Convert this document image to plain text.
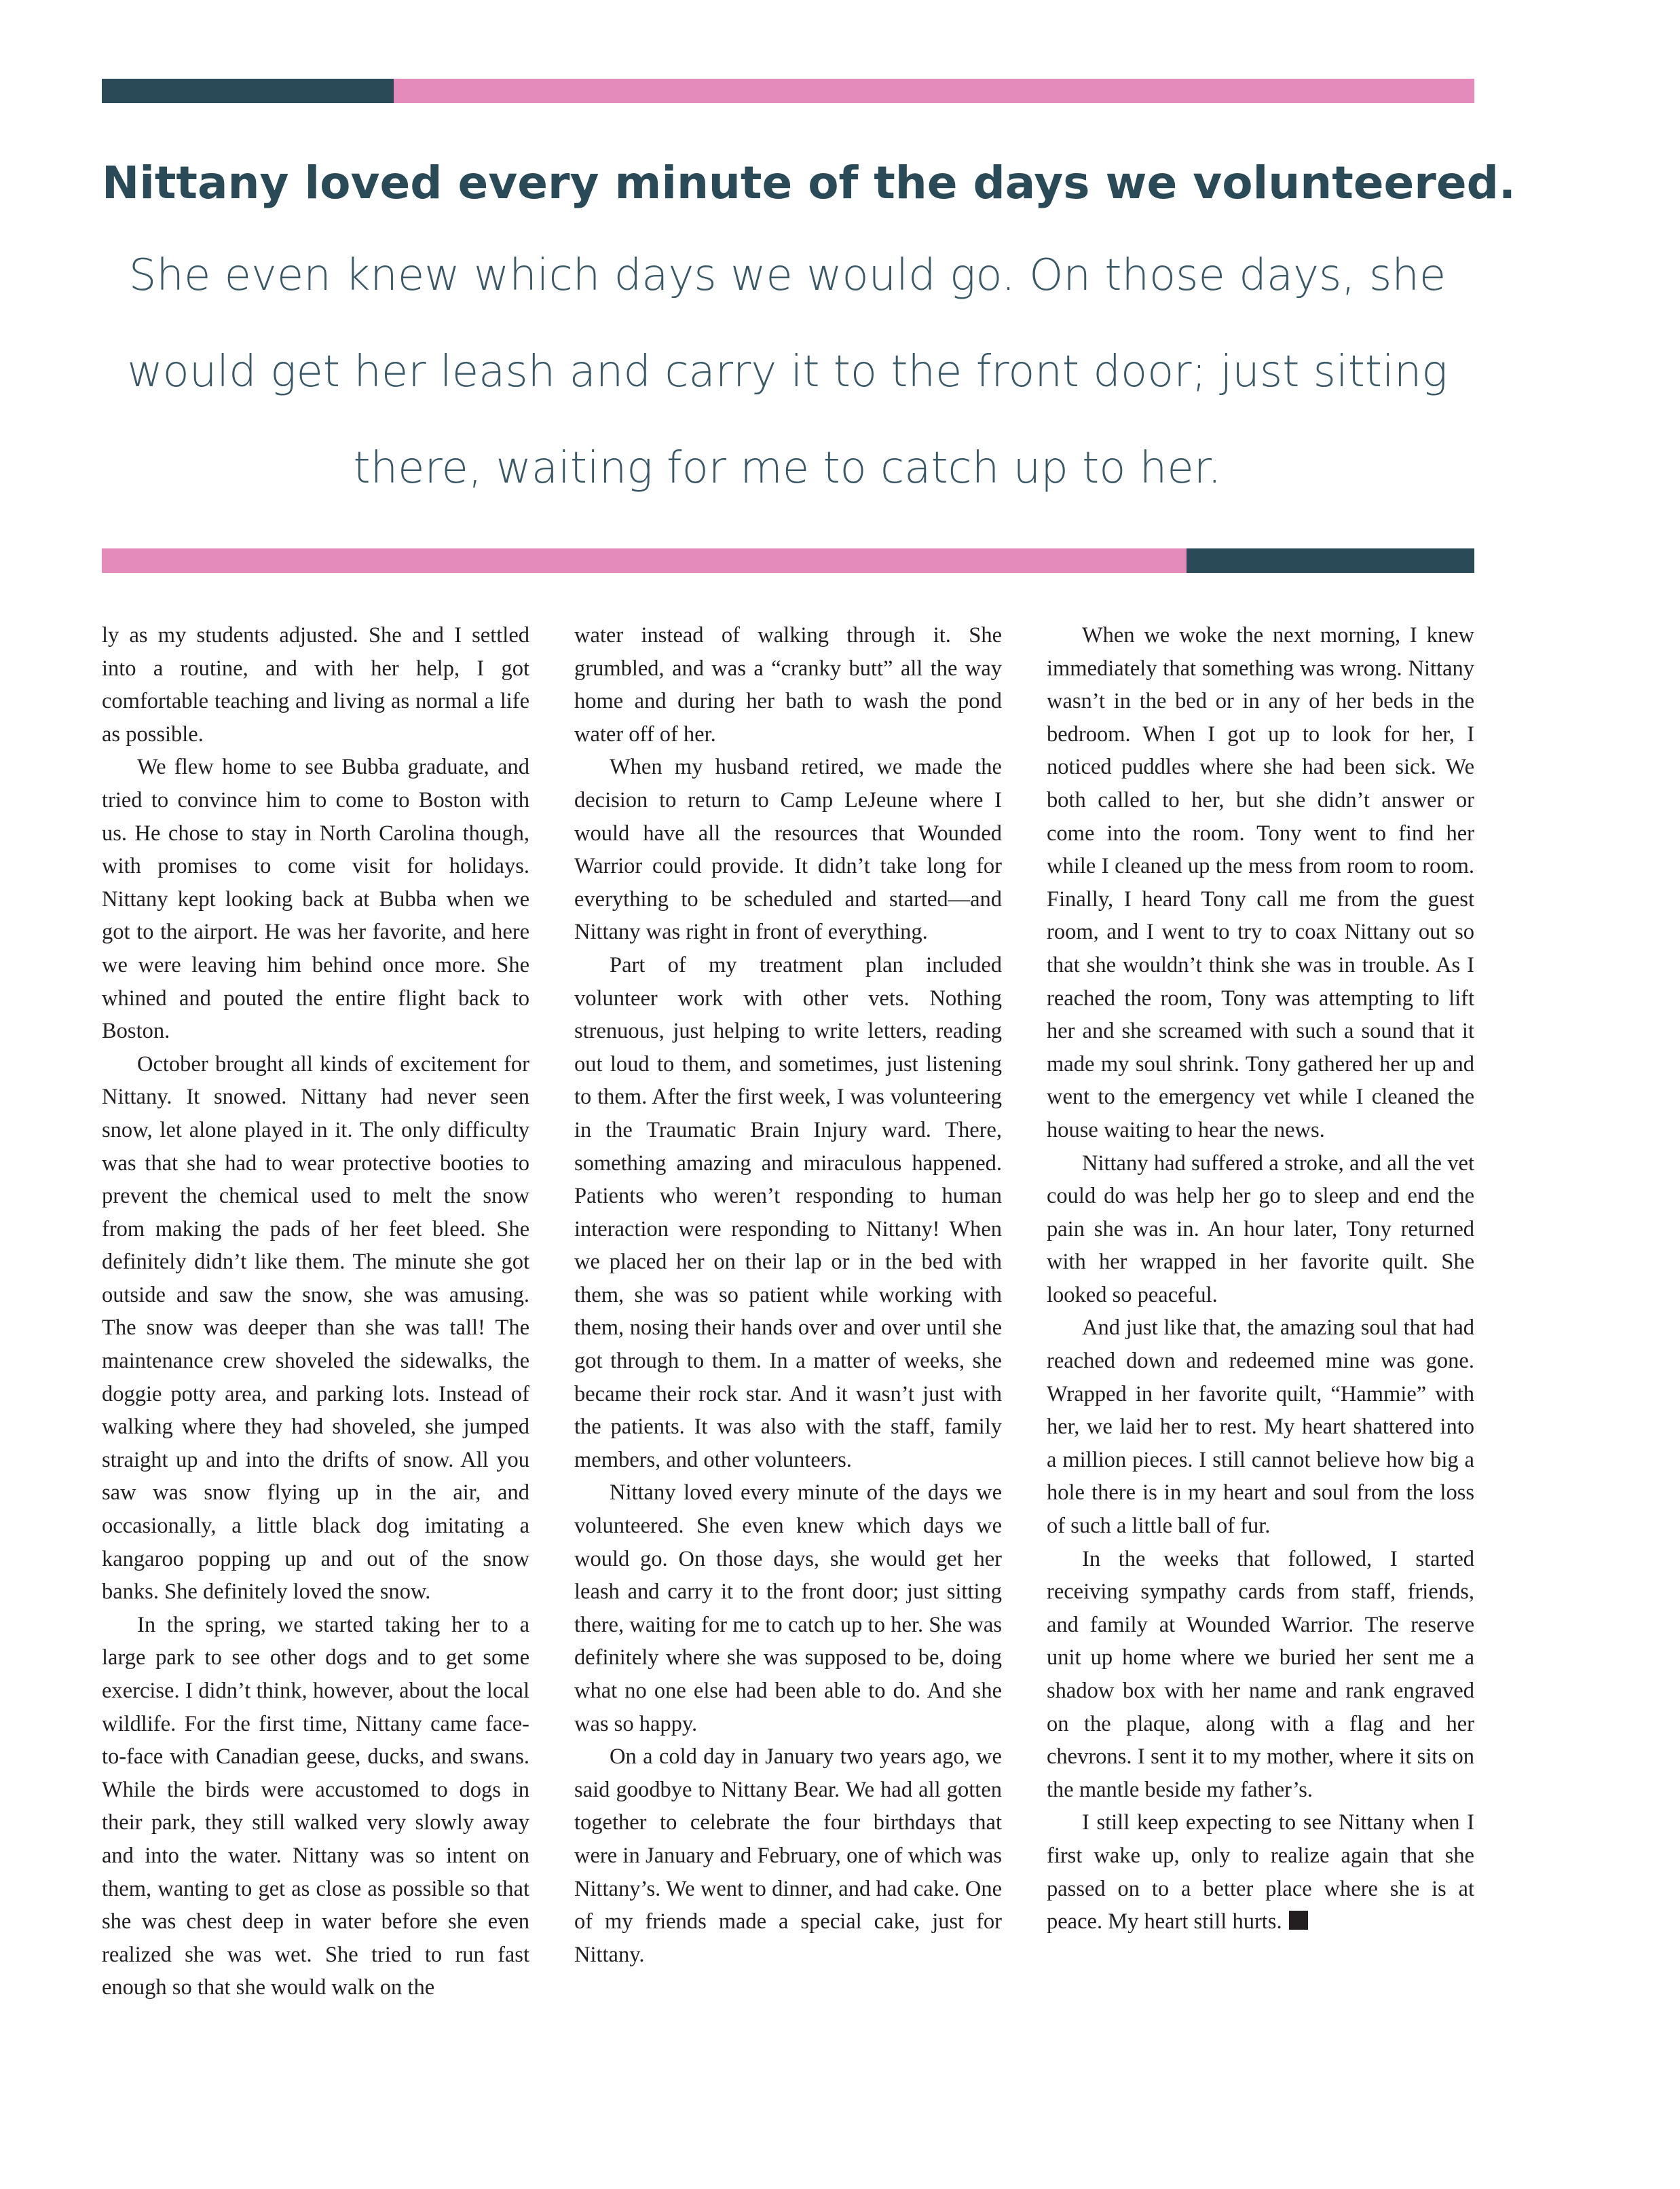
Nittany loved every minute of the days we volunteered.

She even knew which days we would go. On those days, she would get her leash and carry it to the front door; just sitting there, waiting for me to catch up to her.

ly as my students adjusted. She and I settled into a routine, and with her help, I got comfortable teaching and living as normal a life as possible.

We flew home to see Bubba graduate, and tried to convince him to come to Boston with us. He chose to stay in North Carolina though, with promises to come visit for holidays. Nittany kept looking back at Bubba when we got to the airport. He was her favorite, and here we were leaving him behind once more. She whined and pouted the entire flight back to Boston.

October brought all kinds of excitement for Nittany. It snowed. Nittany had never seen snow, let alone played in it. The only difficulty was that she had to wear protective booties to prevent the chemical used to melt the snow from making the pads of her feet bleed. She definitely didn’t like them. The minute she got outside and saw the snow, she was amusing. The snow was deeper than she was tall! The maintenance crew shoveled the sidewalks, the doggie potty area, and parking lots. Instead of walking where they had shoveled, she jumped straight up and into the drifts of snow. All you saw was snow flying up in the air, and occasionally, a little black dog imitating a kangaroo popping up and out of the snow banks. She definitely loved the snow.

In the spring, we started taking her to a large park to see other dogs and to get some exercise. I didn’t think, however, about the local wildlife. For the first time, Nittany came face-to-face with Canadian geese, ducks, and swans. While the birds were accustomed to dogs in their park, they still walked very slowly away and into the water. Nittany was so intent on them, wanting to get as close as possible so that she was chest deep in water before she even realized she was wet. She tried to run fast enough so that she would walk on the

water instead of walking through it. She grumbled, and was a “cranky butt” all the way home and during her bath to wash the pond water off of her.

When my husband retired, we made the decision to return to Camp LeJeune where I would have all the resources that Wounded Warrior could provide. It didn’t take long for everything to be scheduled and started—and Nittany was right in front of everything.

Part of my treatment plan included volunteer work with other vets. Nothing strenuous, just helping to write letters, reading out loud to them, and sometimes, just listening to them. After the first week, I was volunteering in the Traumatic Brain Injury ward. There, something amazing and miraculous happened. Patients who weren’t responding to human interaction were responding to Nittany! When we placed her on their lap or in the bed with them, she was so patient while working with them, nosing their hands over and over until she got through to them. In a matter of weeks, she became their rock star. And it wasn’t just with the patients. It was also with the staff, family members, and other volunteers.

Nittany loved every minute of the days we volunteered. She even knew which days we would go. On those days, she would get her leash and carry it to the front door; just sitting there, waiting for me to catch up to her. She was definitely where she was supposed to be, doing what no one else had been able to do. And she was so happy.

On a cold day in January two years ago, we said goodbye to Nittany Bear. We had all gotten together to celebrate the four birthdays that were in January and February, one of which was Nittany’s. We went to dinner, and had cake. One of my friends made a special cake, just for Nittany.

When we woke the next morning, I knew immediately that something was wrong. Nittany wasn’t in the bed or in any of her beds in the bedroom. When I got up to look for her, I noticed puddles where she had been sick. We both called to her, but she didn’t answer or come into the room. Tony went to find her while I cleaned up the mess from room to room. Finally, I heard Tony call me from the guest room, and I went to try to coax Nittany out so that she wouldn’t think she was in trouble. As I reached the room, Tony was attempting to lift her and she screamed with such a sound that it made my soul shrink. Tony gathered her up and went to the emergency vet while I cleaned the house waiting to hear the news.

Nittany had suffered a stroke, and all the vet could do was help her go to sleep and end the pain she was in. An hour later, Tony returned with her wrapped in her favorite quilt. She looked so peaceful.

And just like that, the amazing soul that had reached down and redeemed mine was gone. Wrapped in her favorite quilt, “Hammie” with her, we laid her to rest. My heart shattered into a million pieces. I still cannot believe how big a hole there is in my heart and soul from the loss of such a little ball of fur.

In the weeks that followed, I started receiving sympathy cards from staff, friends, and family at Wounded Warrior. The reserve unit up home where we buried her sent me a shadow box with her name and rank engraved on the plaque, along with a flag and her chevrons. I sent it to my mother, where it sits on the mantle beside my father’s.

I still keep expecting to see Nittany when I first wake up, only to realize again that she passed on to a better place where she is at peace. My heart still hurts.
